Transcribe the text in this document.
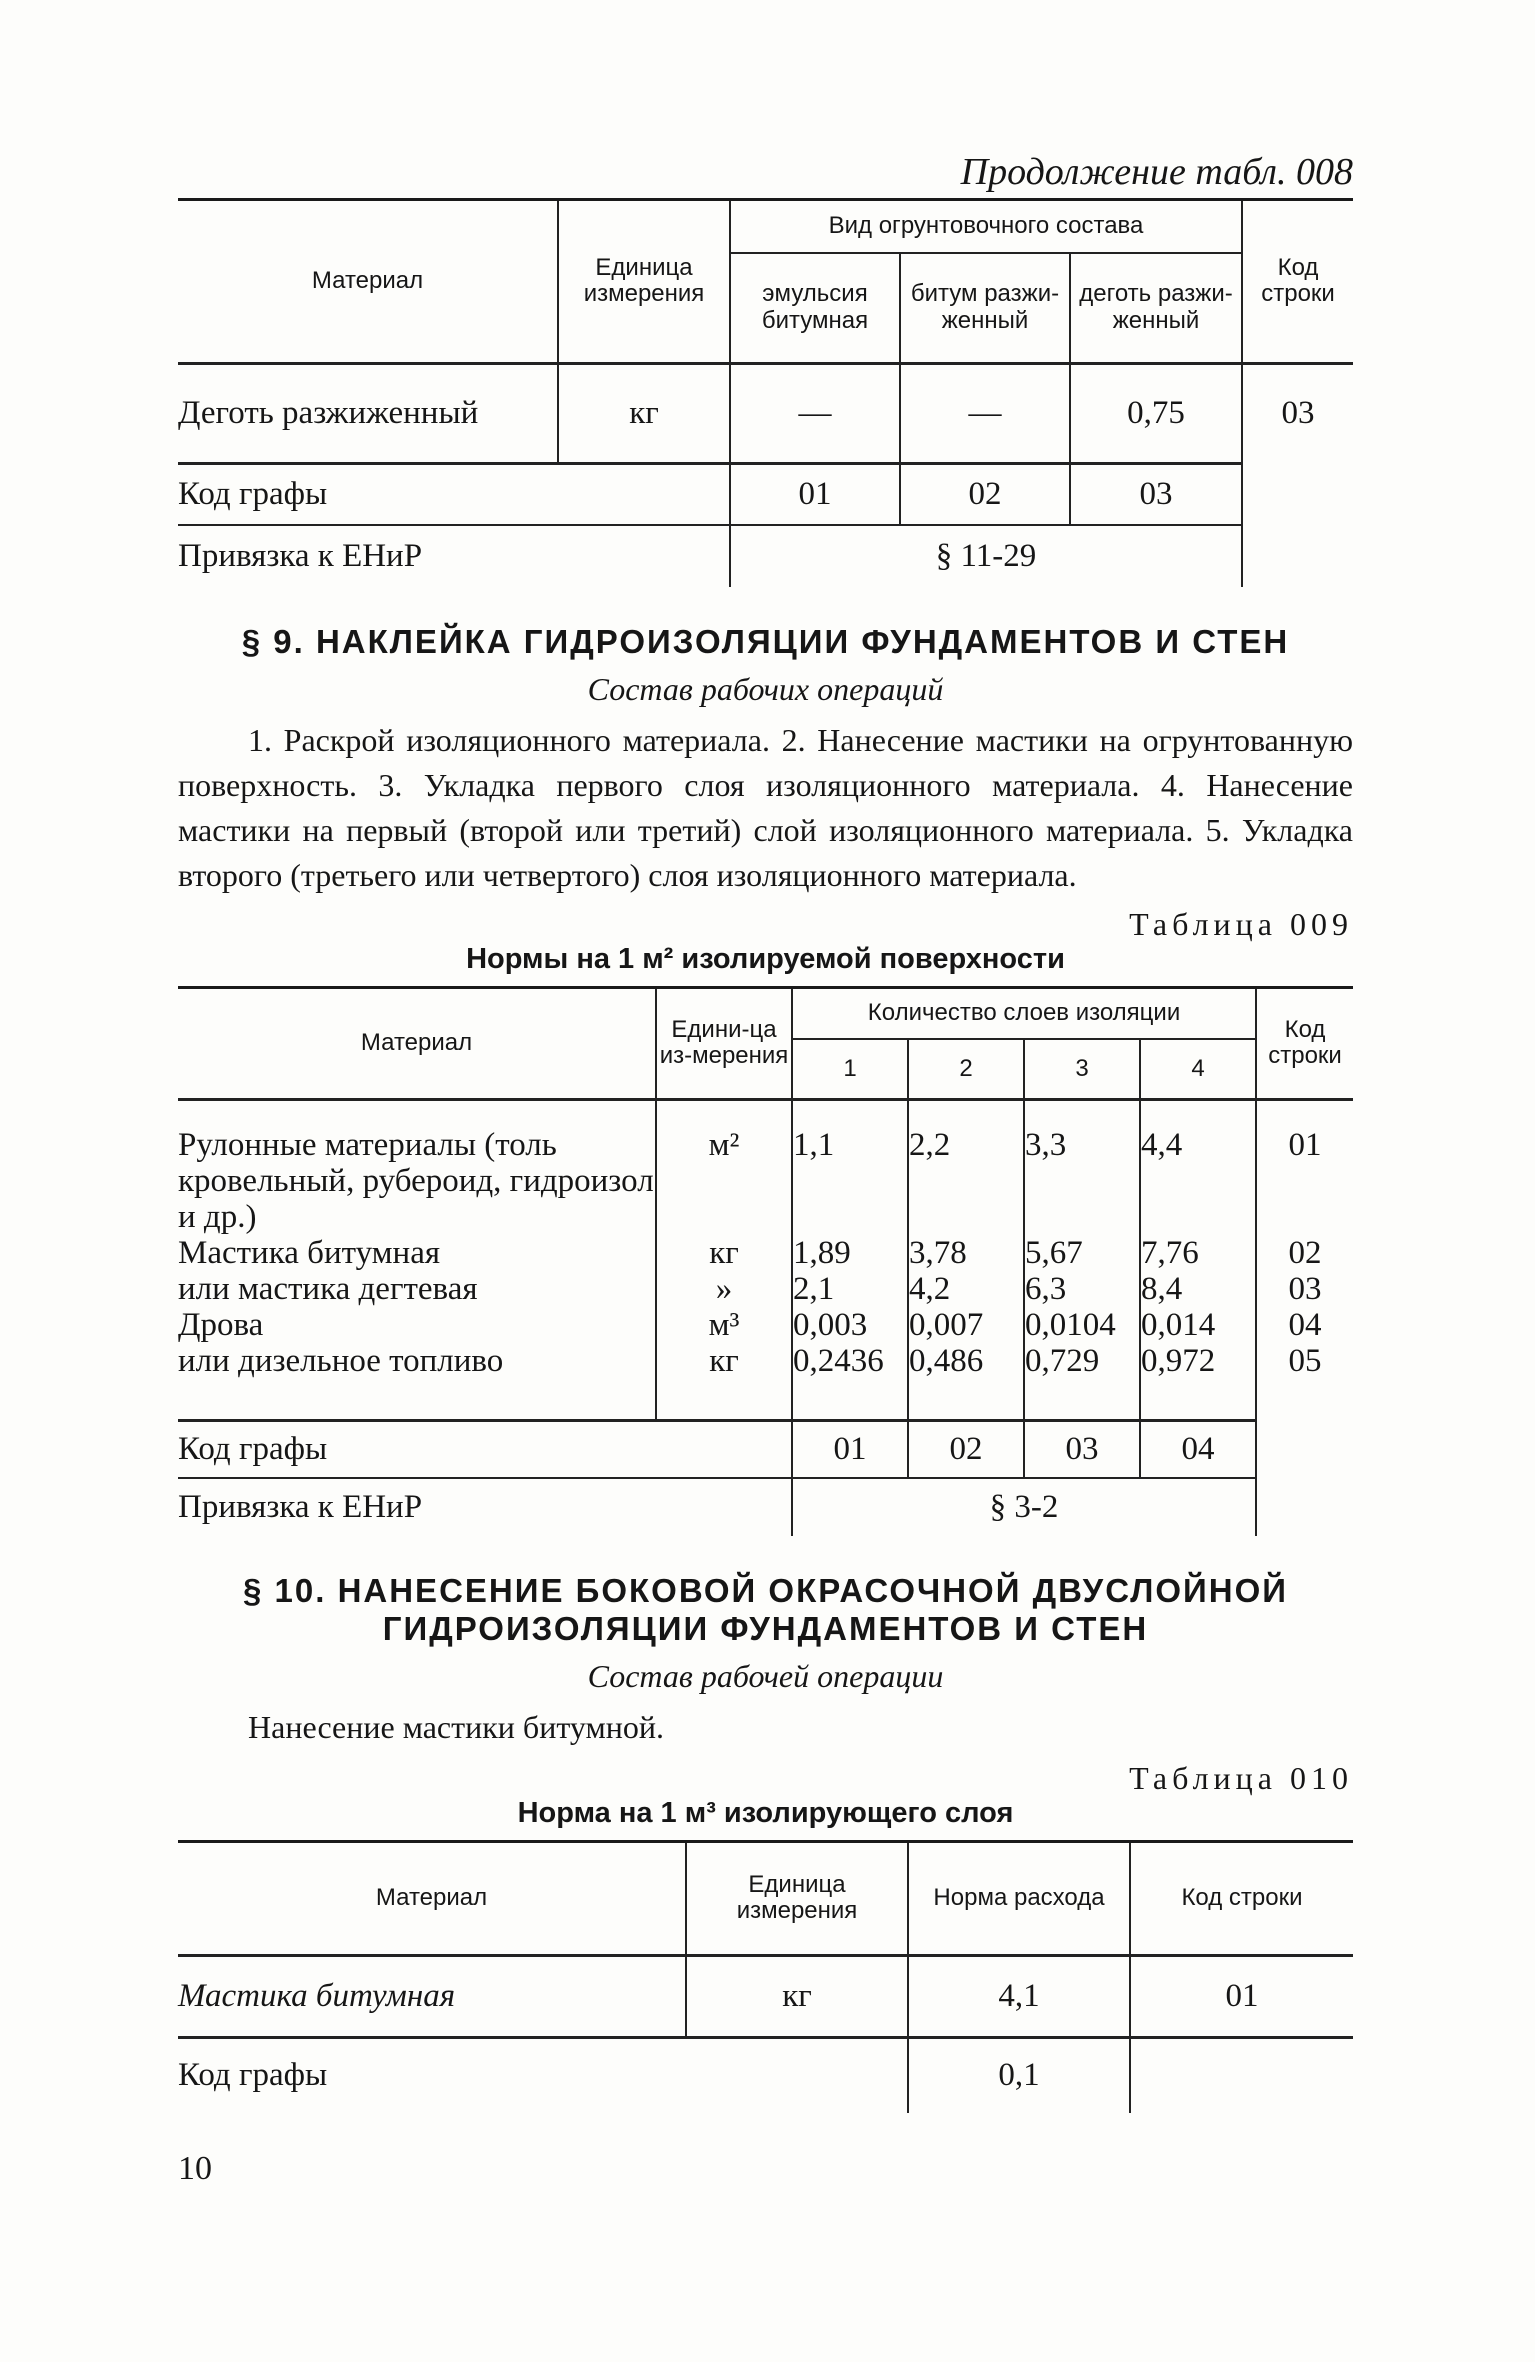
Продолжение табл. 008
Материал	Единица измерения	Вид огрунтовочного состава			Код строки
		эмульсия битумная	битум разжи-женный	деготь разжи-женный	
Деготь разжиженный	кг	—	—	0,75	03
Код графы		01	02	03	
Привязка к ЕНиР		§ 11-29			
§ 9. НАКЛЕЙКА ГИДРОИЗОЛЯЦИИ ФУНДАМЕНТОВ И СТЕН
Состав рабочих операций

1. Раскрой изоляционного материала. 2. Нанесение мастики на огрунтованную поверхность. 3. Укладка первого слоя изоляционного материала. 4. Нанесение мастики на первый (второй или третий) слой изоляционного материала. 5. Укладка второго (третьего или четвертого) слоя изоляционного материала.

Таблица 009
Нормы на 1 м² изолируемой поверхности
Материал	Едини-ца из-мерения	Количество слоев изоляции				Код строки
		1	2	3	4	
Рулонные материалы (толь кровельный, рубероид, гидроизол и др.)	м²	1,1	2,2	3,3	4,4	01
Мастика битумная	кг	1,89	3,78	5,67	7,76	02
или мастика дегтевая	»	2,1	4,2	6,3	8,4	03
Дрова	м³	0,003	0,007	0,0104	0,014	04
или дизельное топливо	кг	0,2436	0,486	0,729	0,972	05
Код графы		01	02	03	04	
Привязка к ЕНиР		§ 3-2				
§ 10. НАНЕСЕНИЕ БОКОВОЙ ОКРАСОЧНОЙ ДВУСЛОЙНОЙ
ГИДРОИЗОЛЯЦИИ ФУНДАМЕНТОВ И СТЕН
Состав рабочей операции

Нанесение мастики битумной.

Таблица 010
Норма на 1 м³ изолирующего слоя
Материал	Единица измерения	Норма расхода	Код строки
Мастика битумная	кг	4,1	01
Код графы		0,1	
10
